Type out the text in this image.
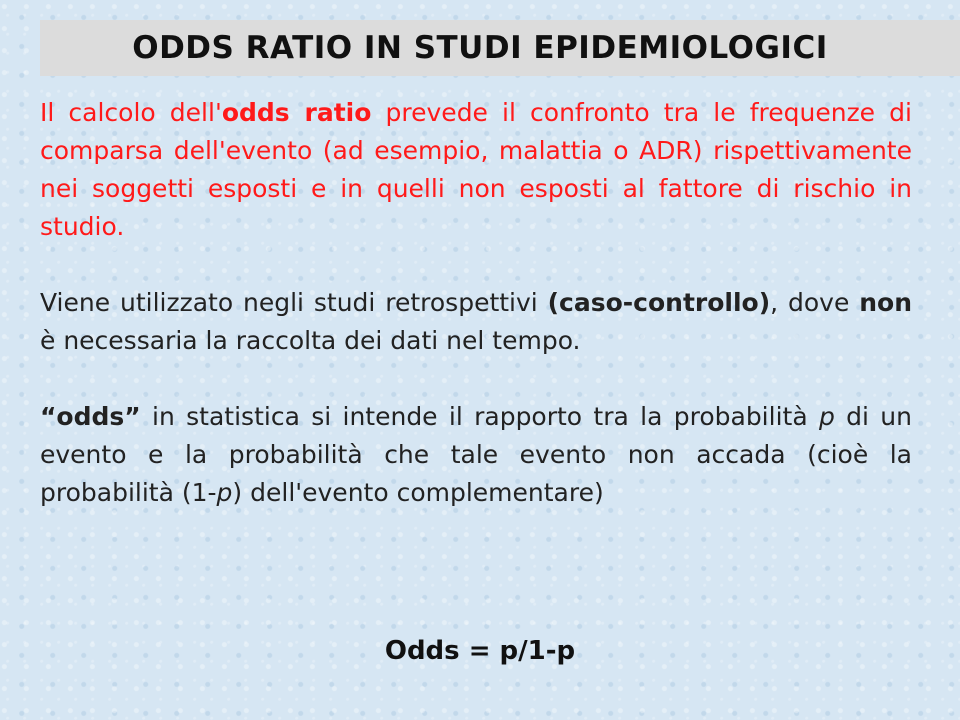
ODDS RATIO IN STUDI EPIDEMIOLOGICI

Il calcolo dell'odds ratio prevede il confronto tra le frequenze di comparsa dell'evento (ad esempio, malattia o ADR) rispettivamente nei soggetti esposti e in quelli non esposti al fattore di rischio in studio.

Viene utilizzato negli studi retrospettivi (caso-controllo), dove non è necessaria la raccolta dei dati nel tempo.

“odds” in statistica si intende il rapporto tra la probabilità p di un evento e la probabilità che tale evento non accada (cioè la probabilità (1-p) dell'evento complementare)

Odds = p/1-p
